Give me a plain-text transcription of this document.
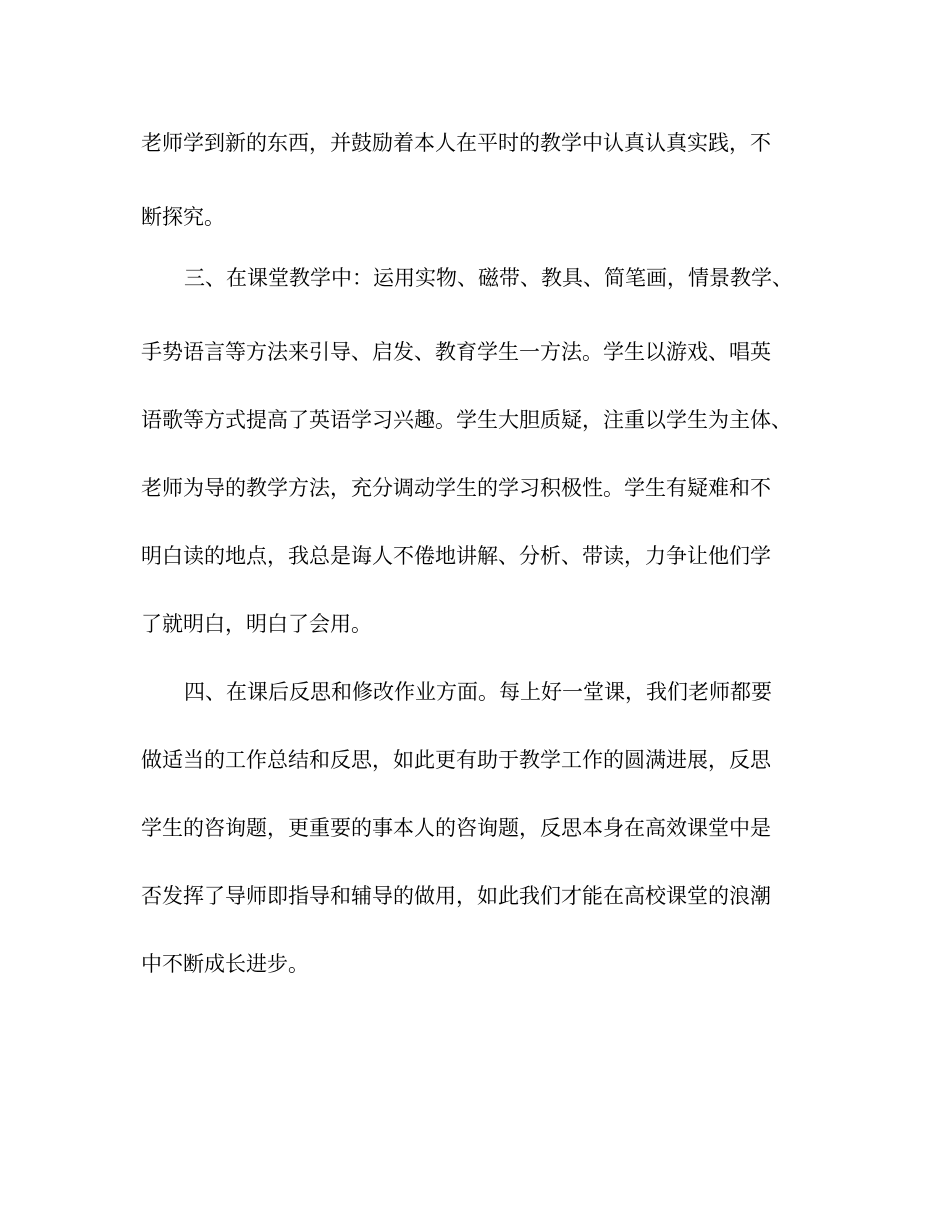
老师学到新的东西，并鼓励着本人在平时的教学中认真认真实践，不
断探究。
三、在课堂教学中：运用实物、磁带、教具、简笔画，情景教学、
手势语言等方法来引导、启发、教育学生一方法。学生以游戏、唱英
语歌等方式提高了英语学习兴趣。学生大胆质疑，注重以学生为主体、
老师为导的教学方法，充分调动学生的学习积极性。学生有疑难和不
明白读的地点，我总是诲人不倦地讲解、分析、带读，力争让他们学
了就明白，明白了会用。
四、在课后反思和修改作业方面。每上好一堂课，我们老师都要
做适当的工作总结和反思，如此更有助于教学工作的圆满进展，反思
学生的咨询题，更重要的事本人的咨询题，反思本身在高效课堂中是
否发挥了导师即指导和辅导的做用，如此我们才能在高校课堂的浪潮
中不断成长进步。
